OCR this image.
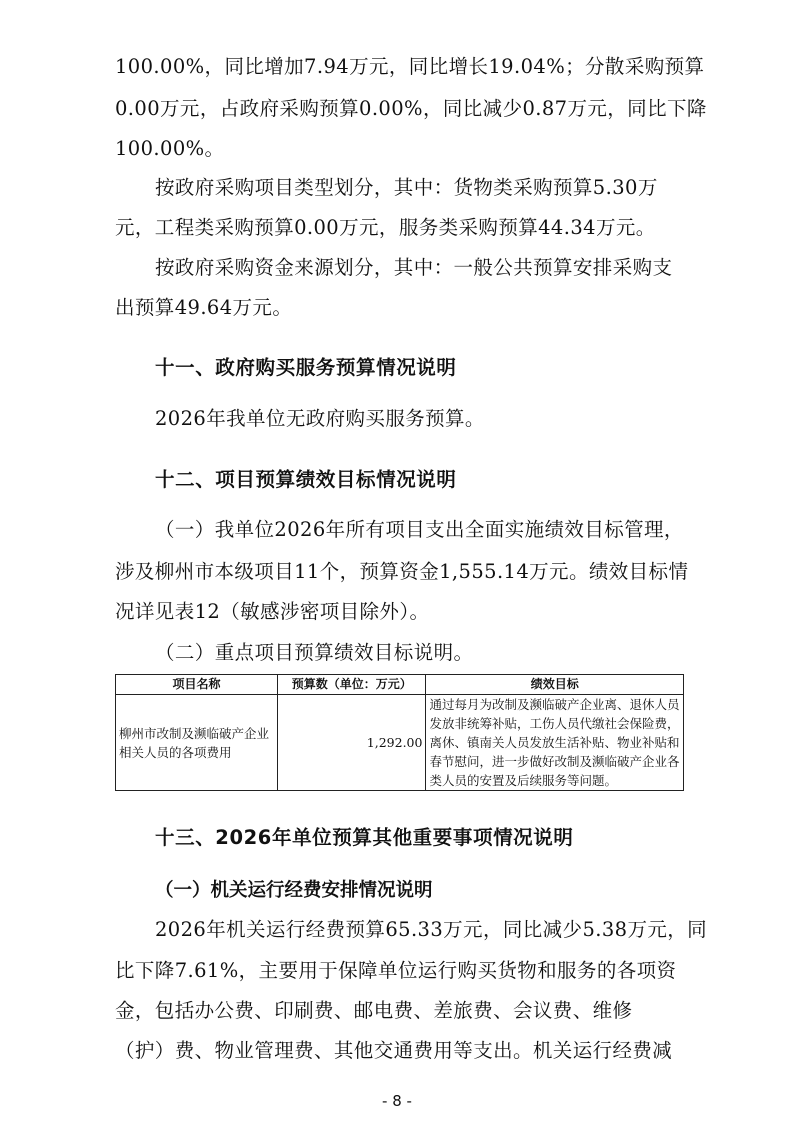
100.00%，同比增加7.94万元，同比增长19.04%；分散采购预算
0.00万元，占政府采购预算0.00%，同比减少0.87万元，同比下降
100.00%。
按政府采购项目类型划分，其中：货物类采购预算5.30万
元，工程类采购预算0.00万元，服务类采购预算44.34万元。
按政府采购资金来源划分，其中：一般公共预算安排采购支
出预算49.64万元。
十一、政府购买服务预算情况说明
2026年我单位无政府购买服务预算。
十二、项目预算绩效目标情况说明
（一）我单位2026年所有项目支出全面实施绩效目标管理，
涉及柳州市本级项目11个，预算资金1,555.14万元。绩效目标情
况详见表12（敏感涉密项目除外）。
（二）重点项目预算绩效目标说明。
项目名称	预算数（单位：万元）	绩效目标
柳州市改制及濒临破产企业相关人员的各项费用	1,292.00	通过每月为改制及濒临破产企业离、退休人员发放非统筹补贴，工伤人员代缴社会保险费，离休、镇南关人员发放生活补贴、物业补贴和春节慰问，进一步做好改制及濒临破产企业各类人员的安置及后续服务等问题。
十三、2026年单位预算其他重要事项情况说明
（一）机关运行经费安排情况说明
2026年机关运行经费预算65.33万元，同比减少5.38万元，同
比下降7.61%，主要用于保障单位运行购买货物和服务的各项资
金，包括办公费、印刷费、邮电费、差旅费、会议费、维修
（护）费、物业管理费、其他交通费用等支出。机关运行经费减
- 8 -
